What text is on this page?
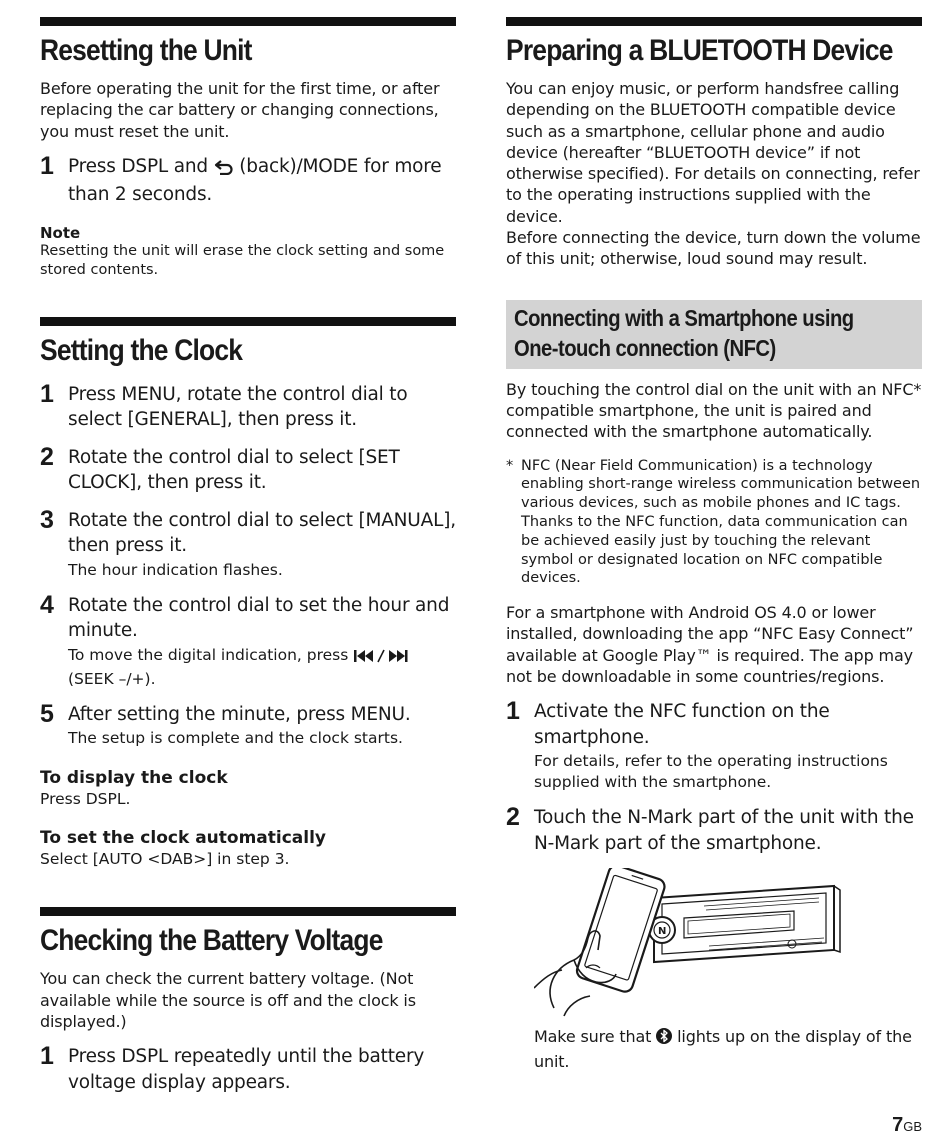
Resetting the Unit

Before operating the unit for the first time, or after replacing the car battery or changing connections, you must reset the unit.

1 Press DSPL and  (back)/MODE for more than 2 seconds.
Note
Resetting the unit will erase the clock setting and some stored contents.
Setting the Clock
1 Press MENU, rotate the control dial to select [GENERAL], then press it.
2 Rotate the control dial to select [SET CLOCK], then press it.
3 Rotate the control dial to select [MANUAL], then press it.
The hour indication flashes.
4 Rotate the control dial to set the hour and minute.
To move the digital indication, press  (SEEK –/+).
5 After setting the minute, press MENU.
The setup is complete and the clock starts.
To display the clock
Press DSPL.
To set the clock automatically
Select [AUTO <DAB>] in step 3.
Checking the Battery Voltage

You can check the current battery voltage. (Not available while the source is off and the clock is displayed.)

1 Press DSPL repeatedly until the battery voltage display appears.
Preparing a BLUETOOTH Device

You can enjoy music, or perform handsfree calling depending on the BLUETOOTH compatible device such as a smartphone, cellular phone and audio device (hereafter “BLUETOOTH device” if not otherwise specified). For details on connecting, refer to the operating instructions supplied with the device.

Before connecting the device, turn down the volume of this unit; otherwise, loud sound may result.

Connecting with a Smartphone using
One-touch connection (NFC)

By touching the control dial on the unit with an NFC* compatible smartphone, the unit is paired and connected with the smartphone automatically.

* NFC (Near Field Communication) is a technology enabling short-range wireless communication between various devices, such as mobile phones and IC tags. Thanks to the NFC function, data communication can be achieved easily just by touching the relevant symbol or designated location on NFC compatible devices.

For a smartphone with Android OS 4.0 or lower installed, downloading the app “NFC Easy Connect” available at Google Play™ is required. The app may not be downloadable in some countries/regions.

1 Activate the NFC function on the smartphone.
For details, refer to the operating instructions supplied with the smartphone.
2 Touch the N-Mark part of the unit with the N-Mark part of the smartphone.
N

Make sure that  lights up on the display of the unit.

7GB
